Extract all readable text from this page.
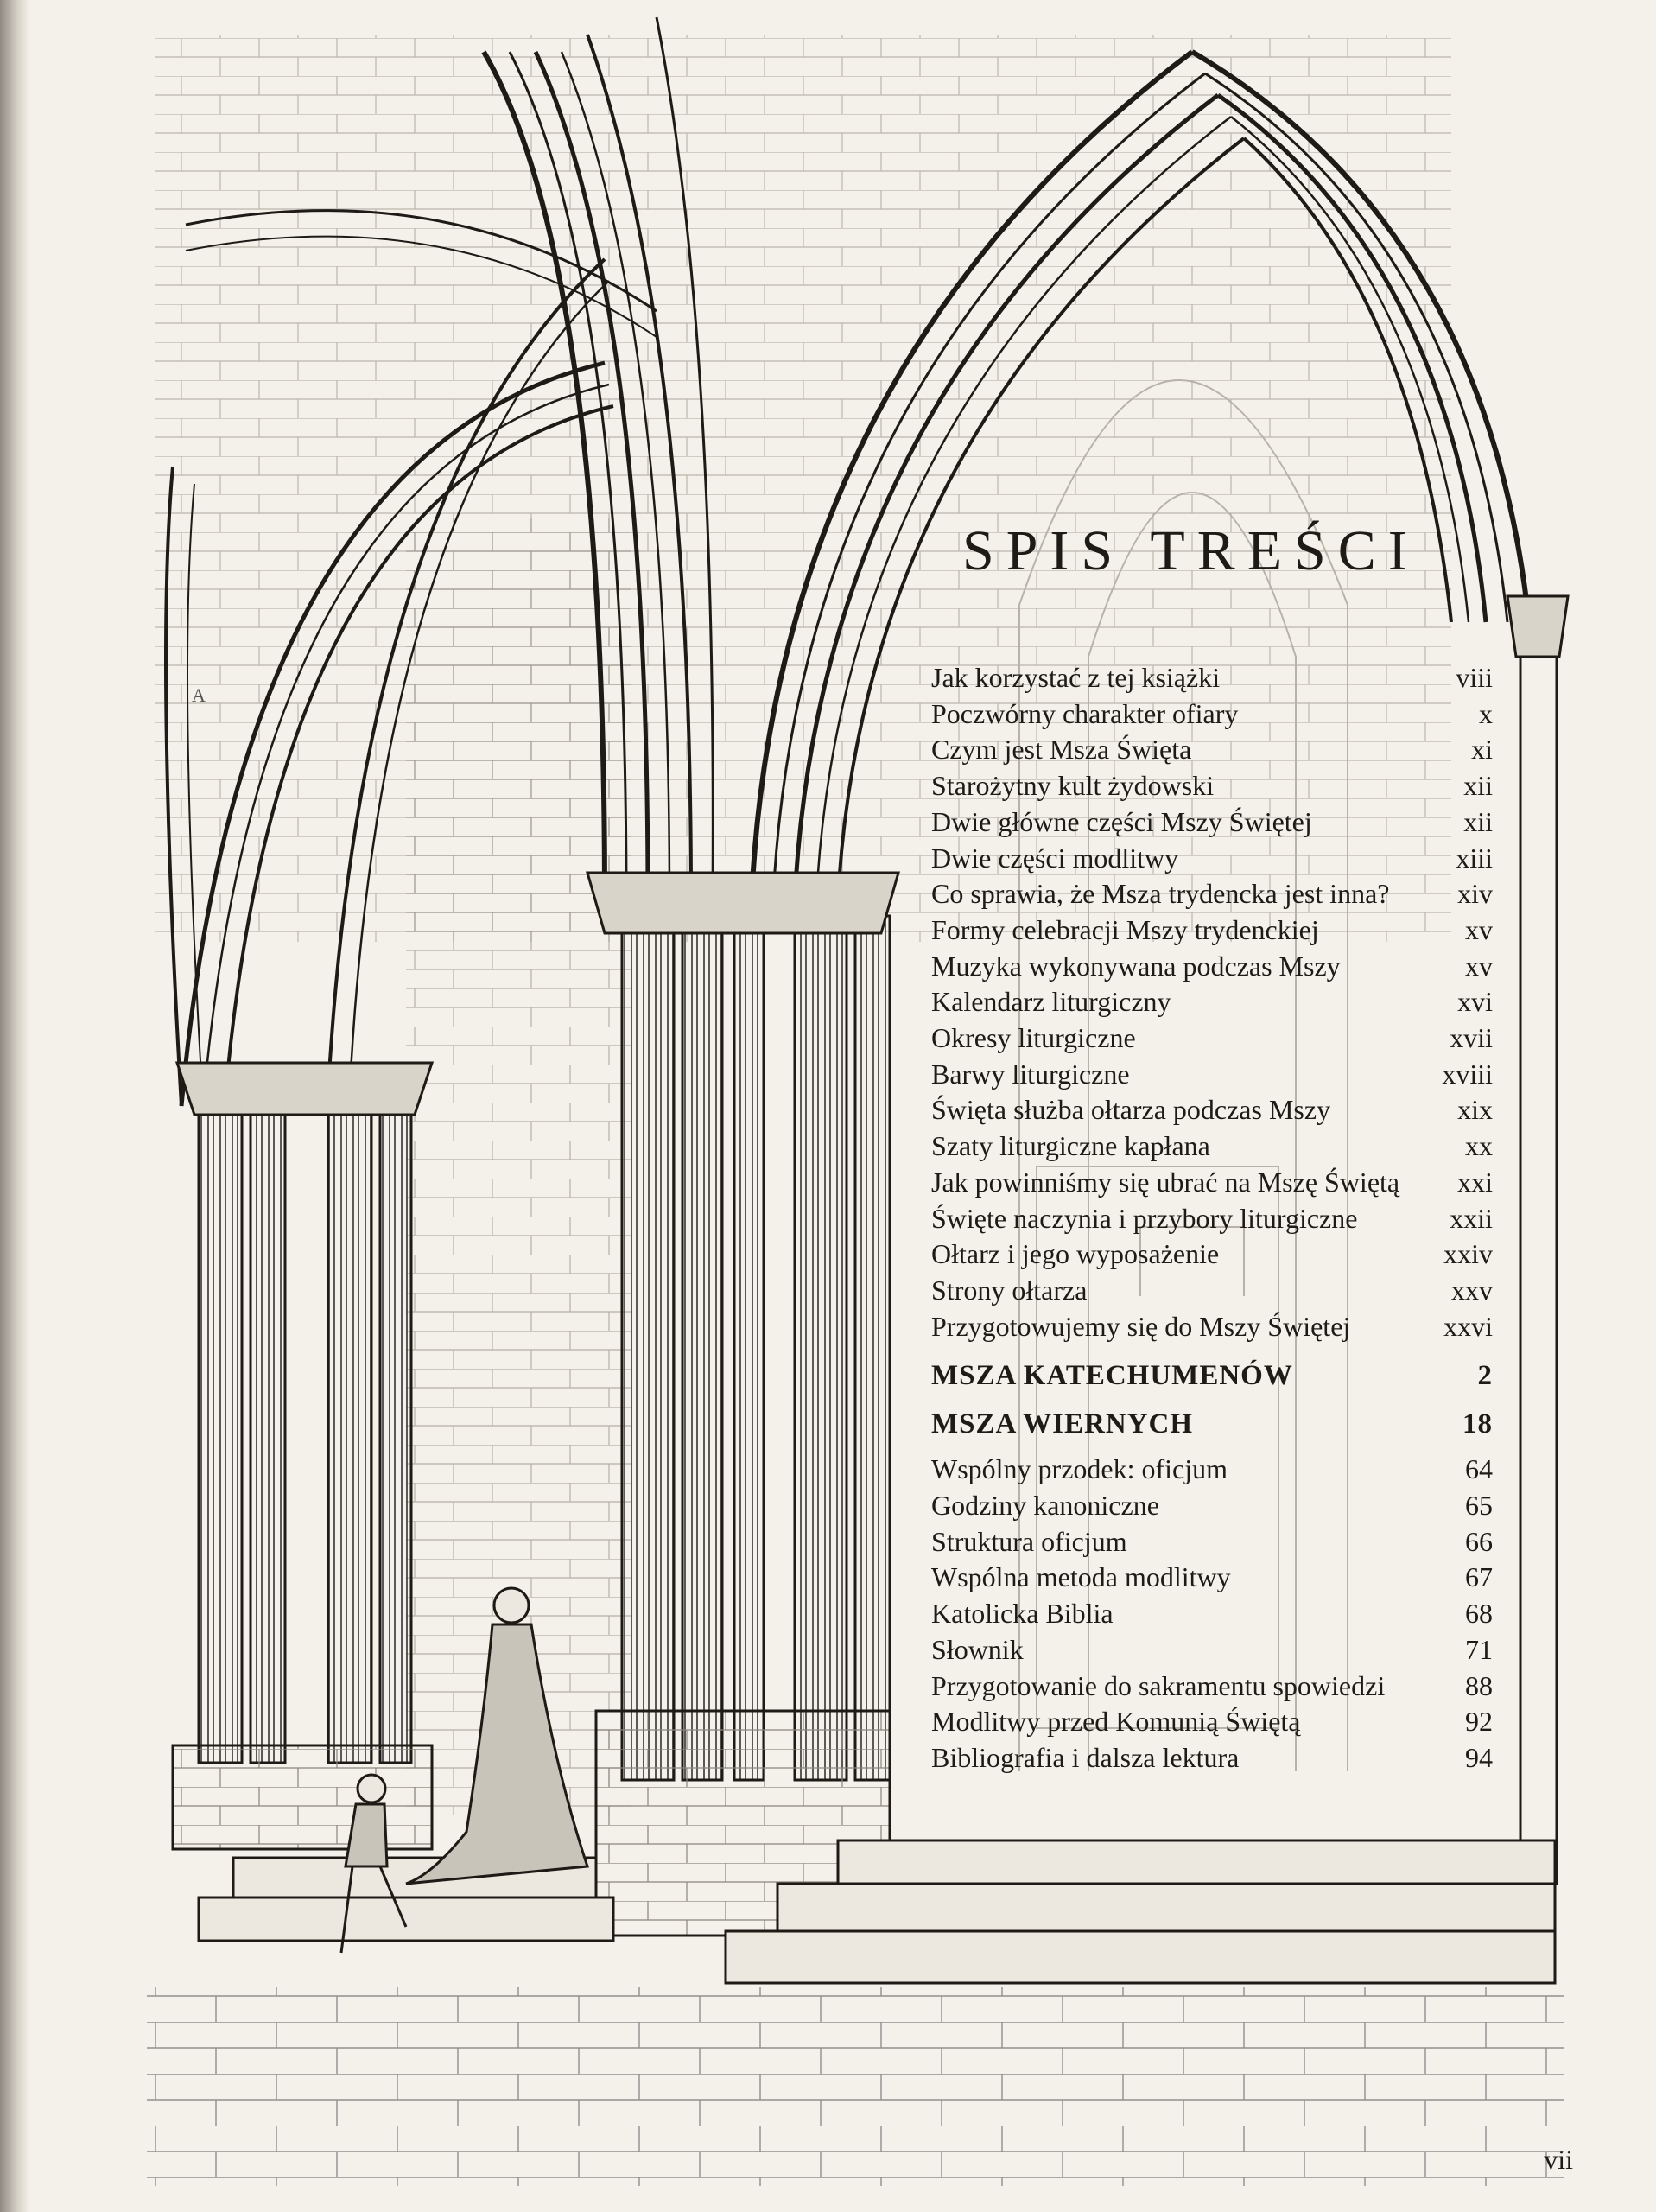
A
SPIS TREŚCI
Jak korzystać z tej książki	viii
Poczwórny charakter ofiary	x
Czym jest Msza Święta	xi
Starożytny kult żydowski	xii
Dwie główne części Mszy Świętej	xii
Dwie części modlitwy	xiii
Co sprawia, że Msza trydencka jest inna?	xiv
Formy celebracji Mszy trydenckiej	xv
Muzyka wykonywana podczas Mszy	xv
Kalendarz liturgiczny	xvi
Okresy liturgiczne	xvii
Barwy liturgiczne	xviii
Święta służba ołtarza podczas Mszy	xix
Szaty liturgiczne kapłana	xx
Jak powinniśmy się ubrać na Mszę Świętą	xxi
Święte naczynia i przybory liturgiczne	xxii
Ołtarz i jego wyposażenie	xxiv
Strony ołtarza	xxv
Przygotowujemy się do Mszy Świętej	xxvi
MSZA KATECHUMENÓW	2
MSZA WIERNYCH	18
Wspólny przodek: oficjum	64
Godziny kanoniczne	65
Struktura oficjum	66
Wspólna metoda modlitwy	67
Katolicka Biblia	68
Słownik	71
Przygotowanie do sakramentu spowiedzi	88
Modlitwy przed Komunią Świętą	92
Bibliografia i dalsza lektura	94
vii
